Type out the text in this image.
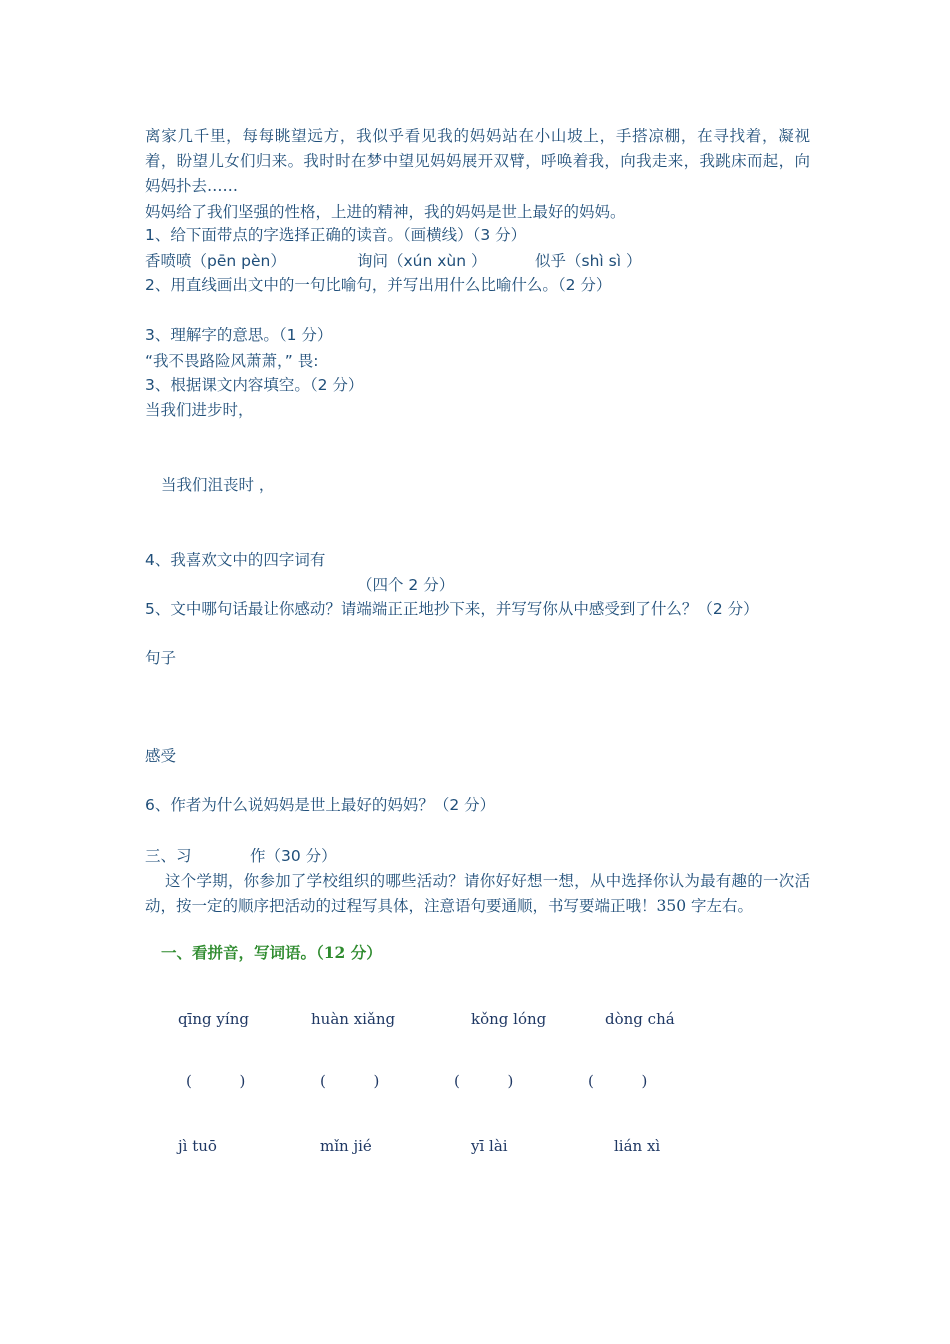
离家几千里，每每眺望远方，我似乎看见我的妈妈站在小山坡上，手搭凉棚，在寻找着，凝视着，盼望儿女们归来。我时时在梦中望见妈妈展开双臂，呼唤着我，向我走来，我跳床而起，向妈妈扑去……
妈妈给了我们坚强的性格，上进的精神，我的妈妈是世上最好的妈妈。
1、给下面带点的字选择正确的读音。（画横线）（3 分）
香喷喷（pēn pèn）	询问（xún xùn ）	似乎（shì sì ）
2、用直线画出文中的一句比喻句，并写出用什么比喻什么。（2 分）
3、理解字的意思。（1 分）
“我不畏路险风萧萧，” 畏:
3、根据课文内容填空。（2 分）
当我们进步时，
当我们沮丧时 ，
4、我喜欢文中的四字词有
（四个 2 分）
5、文中哪句话最让你感动？请端端正正地抄下来，并写写你从中感受到了什么？（2 分）
句子
感受
6、作者为什么说妈妈是世上最好的妈妈？（2 分）
三、习	作（30 分）
这个学期，你参加了学校组织的哪些活动？请你好好想一想，从中选择你认为最有趣的一次活动，按一定的顺序把活动的过程写具体，注意语句要通顺，书写要端正哦！350 字左右。
一、看拼音，写词语。（12 分）
qīng yíng	huàn xiǎng	kǒng lóng	dòng chá
(          )	(          )	(          )	(          )
jì tuō	mǐn jié	yī lài	lián xì
